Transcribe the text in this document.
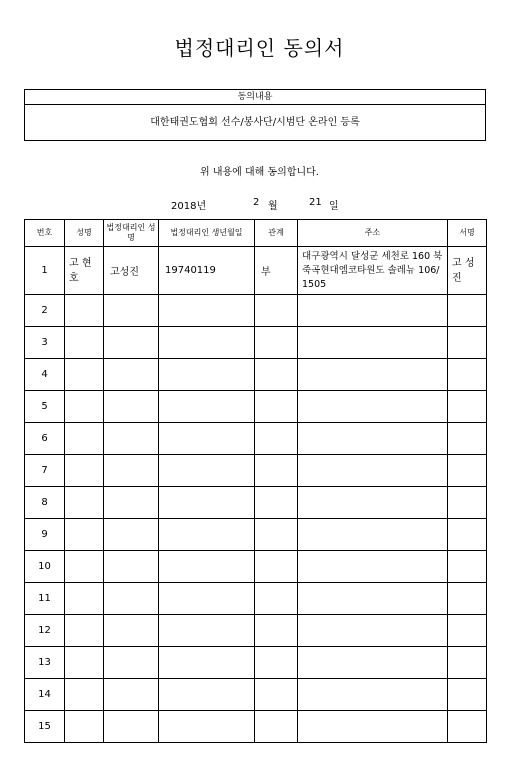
법정대리인 동의서
동의내용
대한태권도협회 선수/봉사단/시범단 온라인 등록
위 내용에 대해 동의합니다.
2018년	2 월	21 일
번호	성명	법정대리인 성명	법정대리인 생년월일	관계	주소	서명
1	고 현 호	고성진	19740119	부	대구광역시 달성군 세천로 160 북죽곡현대엠코타원도 솔레뉴 106/1505	고 성 진
2						
3						
4						
5						
6						
7						
8						
9						
10						
11						
12						
13						
14						
15						
